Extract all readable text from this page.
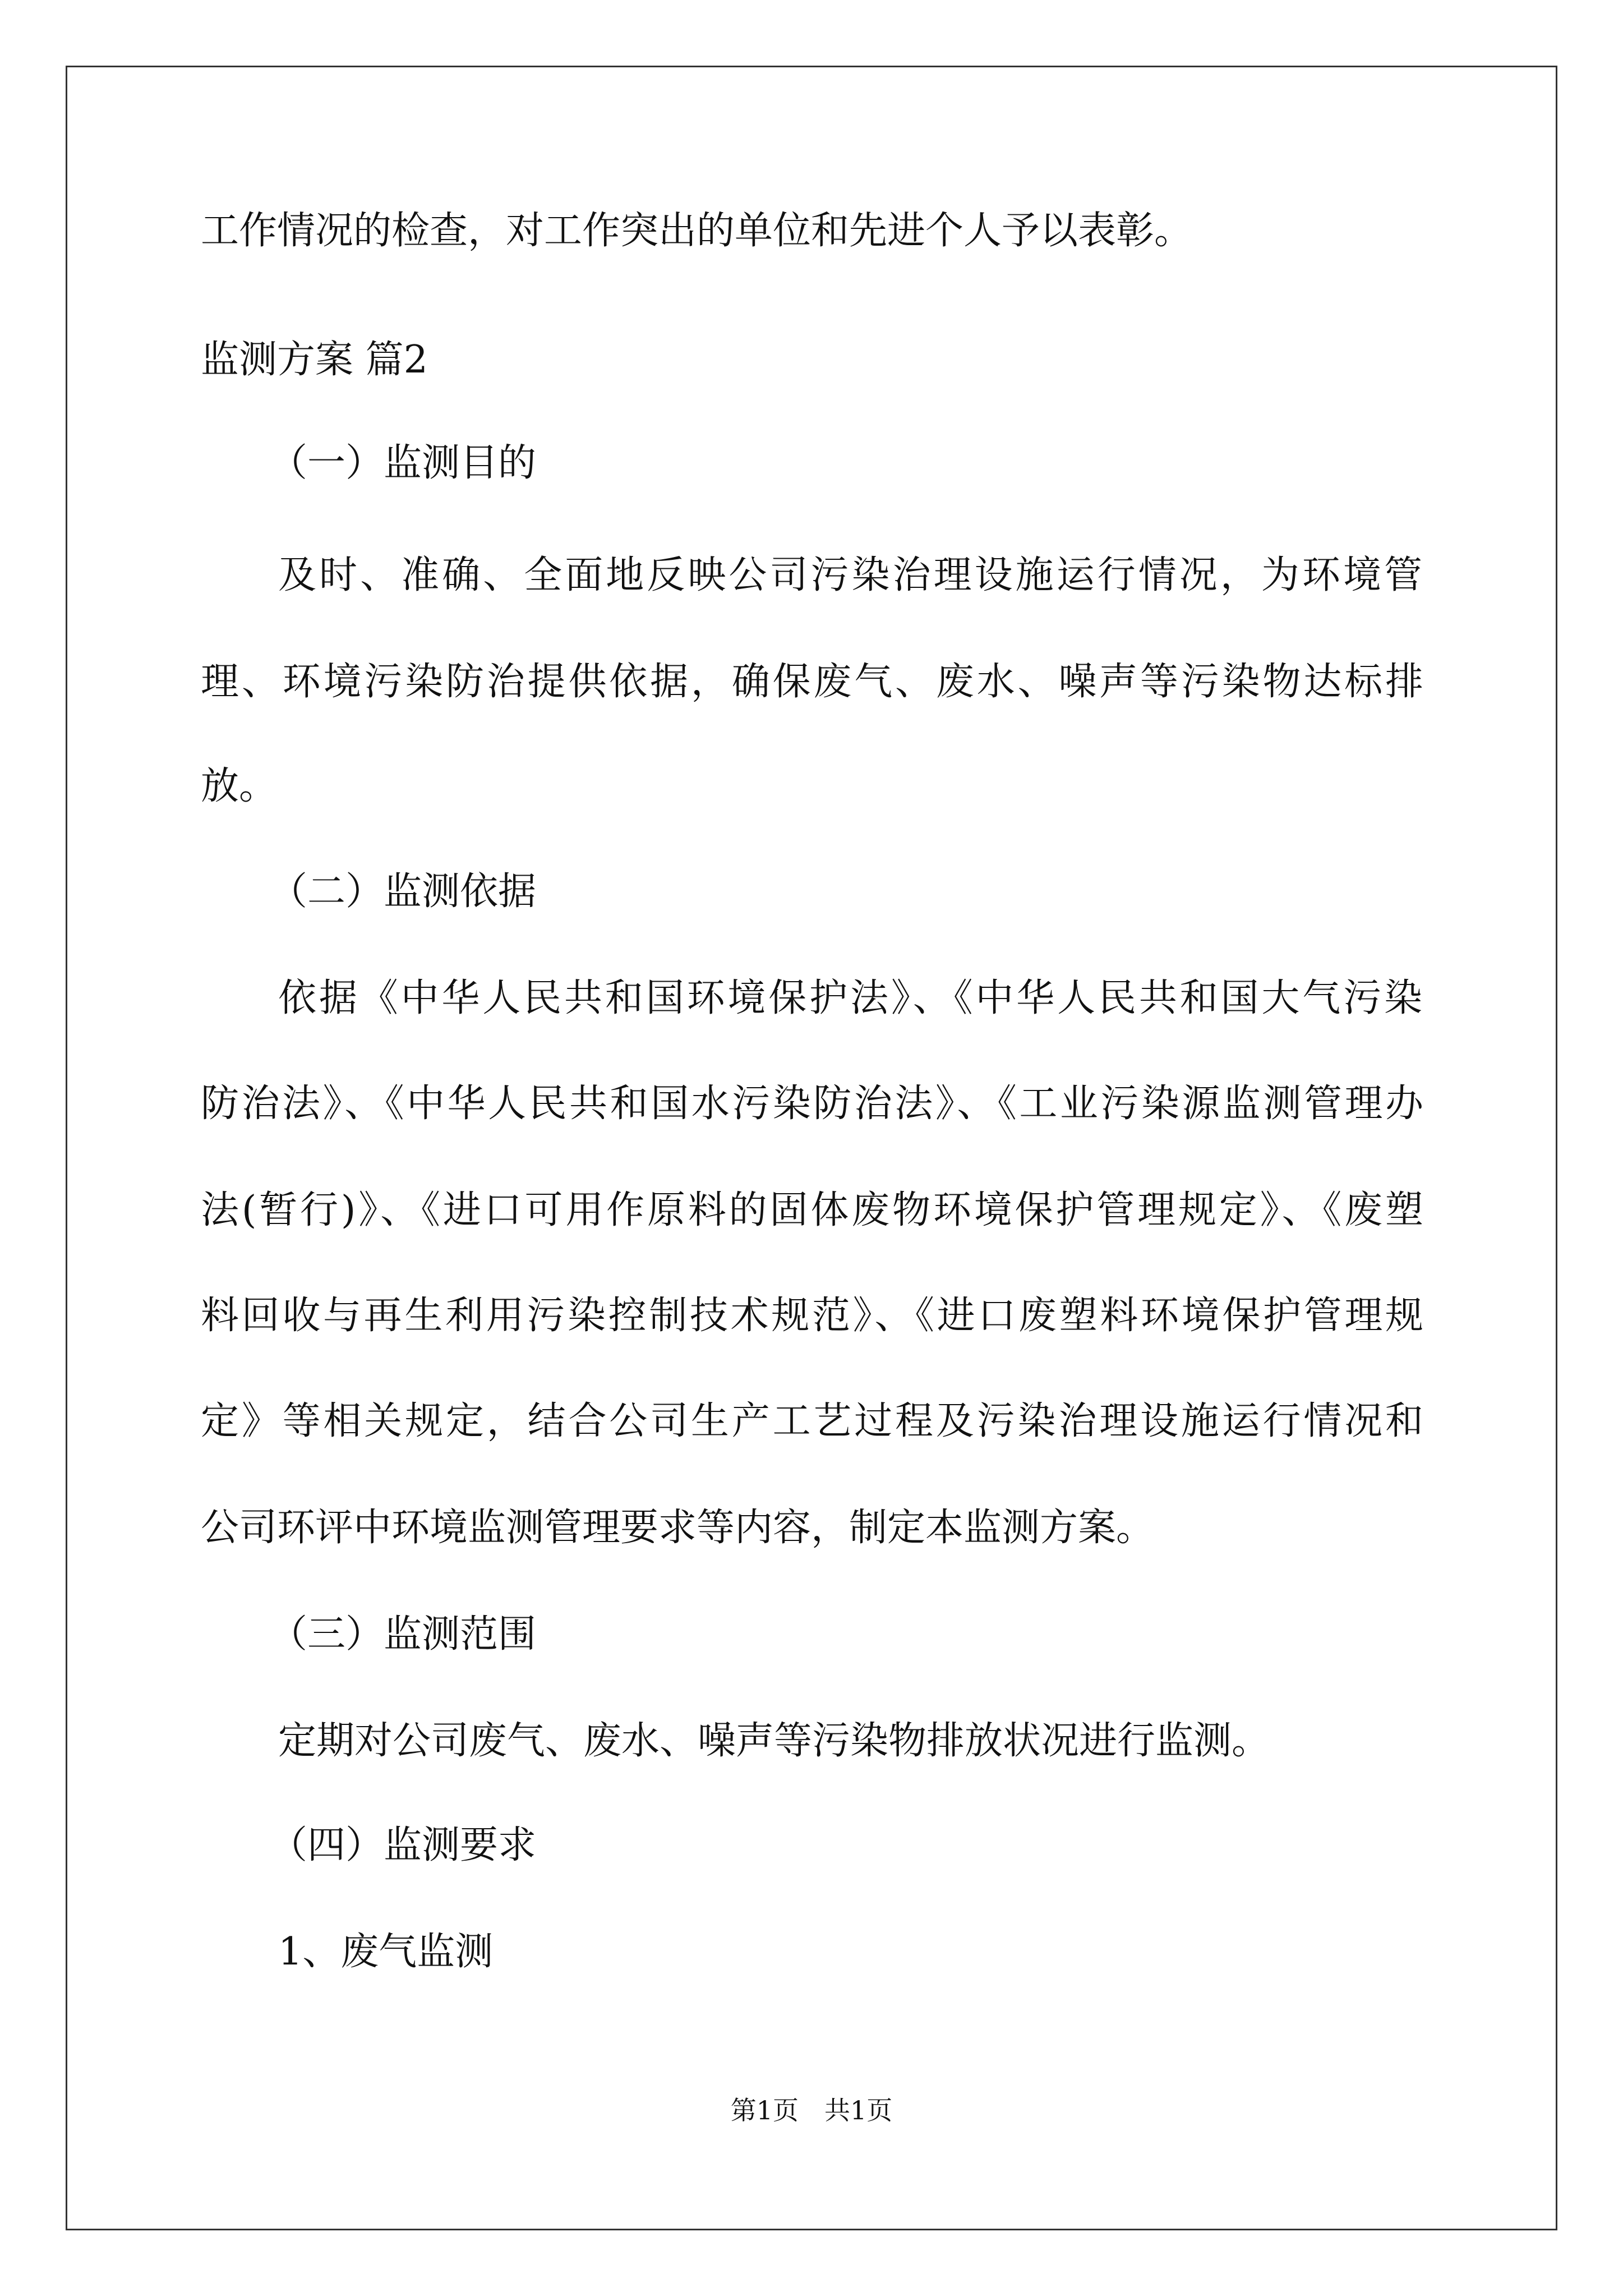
工作情况的检查，对工作突出的单位和先进个人予以表彰。
监测方案 篇2
（一）监测目的
及时、准确、全面地反映公司污染治理设施运行情况，为环境管
理、环境污染防治提供依据，确保废气、废水、噪声等污染物达标排
放。
（二）监测依据
依据《中华人民共和国环境保护法》、《中华人民共和国大气污染
防治法》、《中华人民共和国水污染防治法》、《工业污染源监测管理办
法(暂行)》、《进口可用作原料的固体废物环境保护管理规定》、《废塑
料回收与再生利用污染控制技术规范》、《进口废塑料环境保护管理规
定》等相关规定，结合公司生产工艺过程及污染治理设施运行情况和
公司环评中环境监测管理要求等内容，制定本监测方案。
（三）监测范围
定期对公司废气、废水、噪声等污染物排放状况进行监测。
（四）监测要求
1、废气监测
第1页　共1页
